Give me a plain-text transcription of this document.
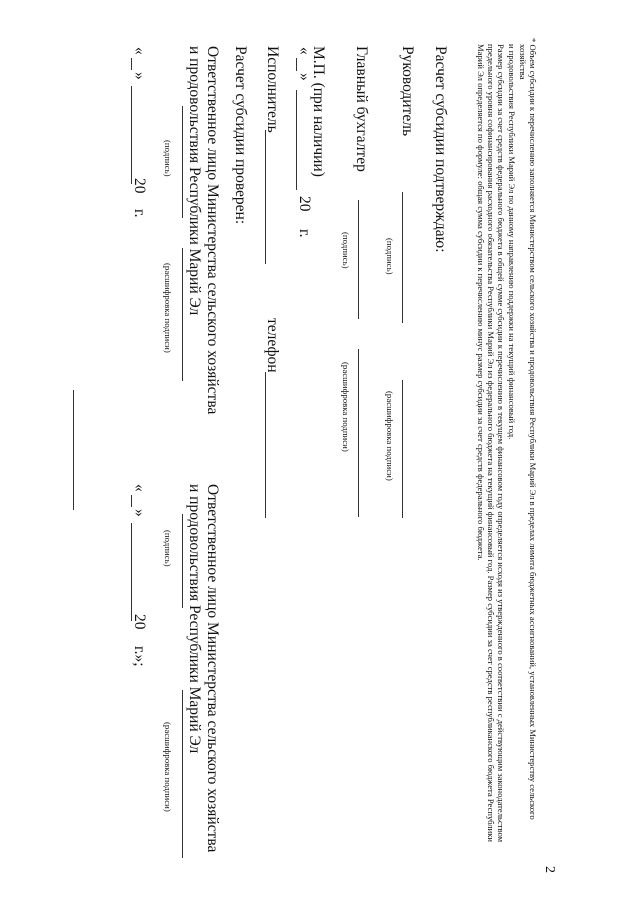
2
* Объем субсидии к перечислению заполняется Министерством сельского хозяйства и продовольствия Республики Марий Эл в пределах лимита бюджетных ассигнований, установленных Министерству сельского
хозяйства
и продовольствия Республики Марий Эл по данному направлению поддержки на текущий финансовый год.
Размер субсидии за счет средств федерального бюджета в общей сумме субсидии к перечислению в текущем финансовом году определяется исходя из утвержденного в соответствии с действующим законодательством
предельного уровня софинансирования расходного обязательства Республики Марий Эл из федерального бюджета на текущий финансовый год. Размер субсидии за счет средств республиканского бюджета Республики
Марий Эл определяется по формуле: общая сумма субсидии к перечислению минус размер субсидии за счет средств федерального бюджета.
Расчет субсидии подтверждаю:
Руководитель
(подпись)
(расшифровка подписи)
Главный бухгалтер
(подпись)
(расшифровка подписи)
М.П. (при наличии)
«
»
20
г.
Исполнитель
телефон
Расчет субсидии проверен:
Ответственное лицо Министерства сельского хозяйства
и продовольствия Республики Марий Эл
(подпись)
(расшифровка подписи)
«
»
20
г.
Ответственное лицо Министерства сельского хозяйства
и продовольствия Республики Марий Эл
(подпись)
(расшифровка подписи)
«
»
20
г.»;
